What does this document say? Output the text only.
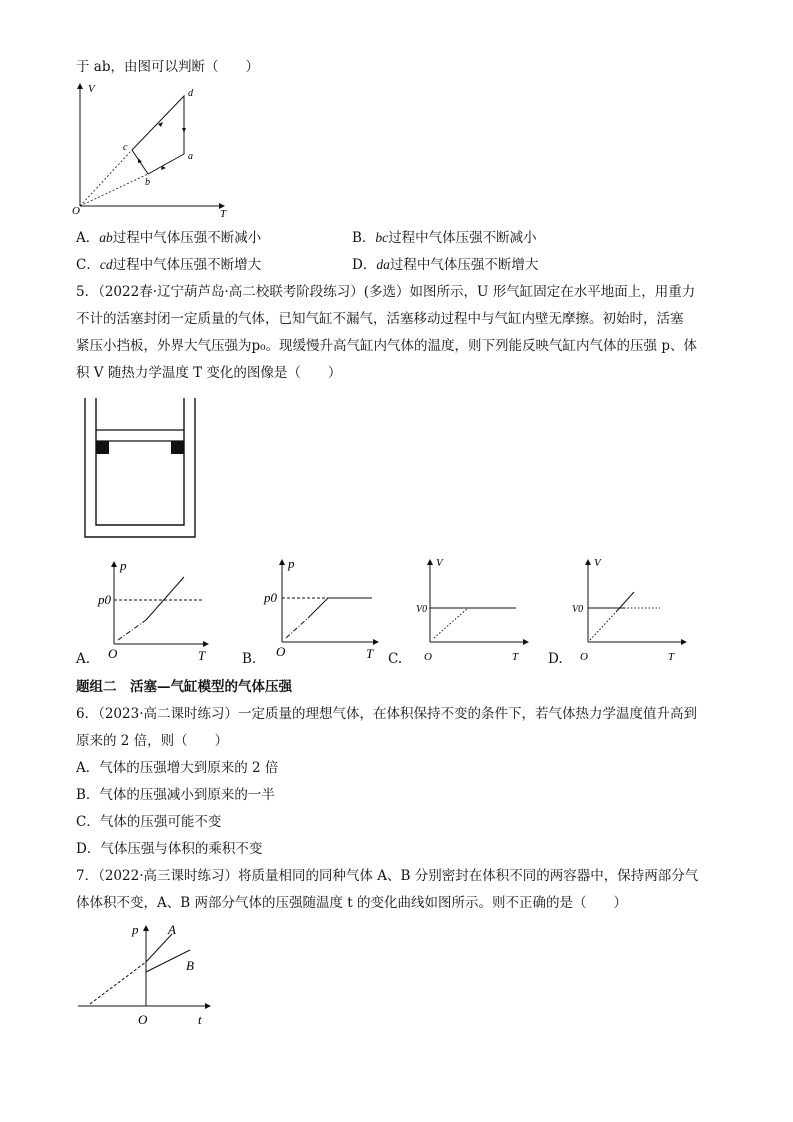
于 ab，由图可以判断（　　）
V
T
O
d
a
c
b
A．ab过程中气体压强不断减小	B．bc过程中气体压强不断减小
C．cd过程中气体压强不断增大	D．da过程中气体压强不断增大
5．（2022春·辽宁葫芦岛·高二校联考阶段练习）(多选）如图所示，U 形气缸固定在水平地面上，用重力
不计的活塞封闭一定质量的气体，已知气缸不漏气，活塞移动过程中与气缸内壁无摩擦。初始时，活塞
紧压小挡板，外界大气压强为p₀。现缓慢升高气缸内气体的温度，则下列能反映气缸内气体的压强 p、体
积 V 随热力学温度 T 变化的图像是（　　）
p
p0
O	T
A.
p
p0
O	T
B.
V
V0
O	T
C.
V
V0
O	T
D.
题组二　活塞—气缸模型的气体压强
6．（2023·高二课时练习）一定质量的理想气体，在体积保持不变的条件下，若气体热力学温度值升高到
原来的 2 倍，则（　　）
A．气体的压强增大到原来的 2 倍
B．气体的压强减小到原来的一半
C．气体的压强可能不变
D．气体压强与体积的乘积不变
7．（2022·高三课时练习）将质量相同的同种气体 A、B 分别密封在体积不同的两容器中，保持两部分气
体体积不变，A、B 两部分气体的压强随温度 t 的变化曲线如图所示。则不正确的是（　　）
p A
B
O	t
